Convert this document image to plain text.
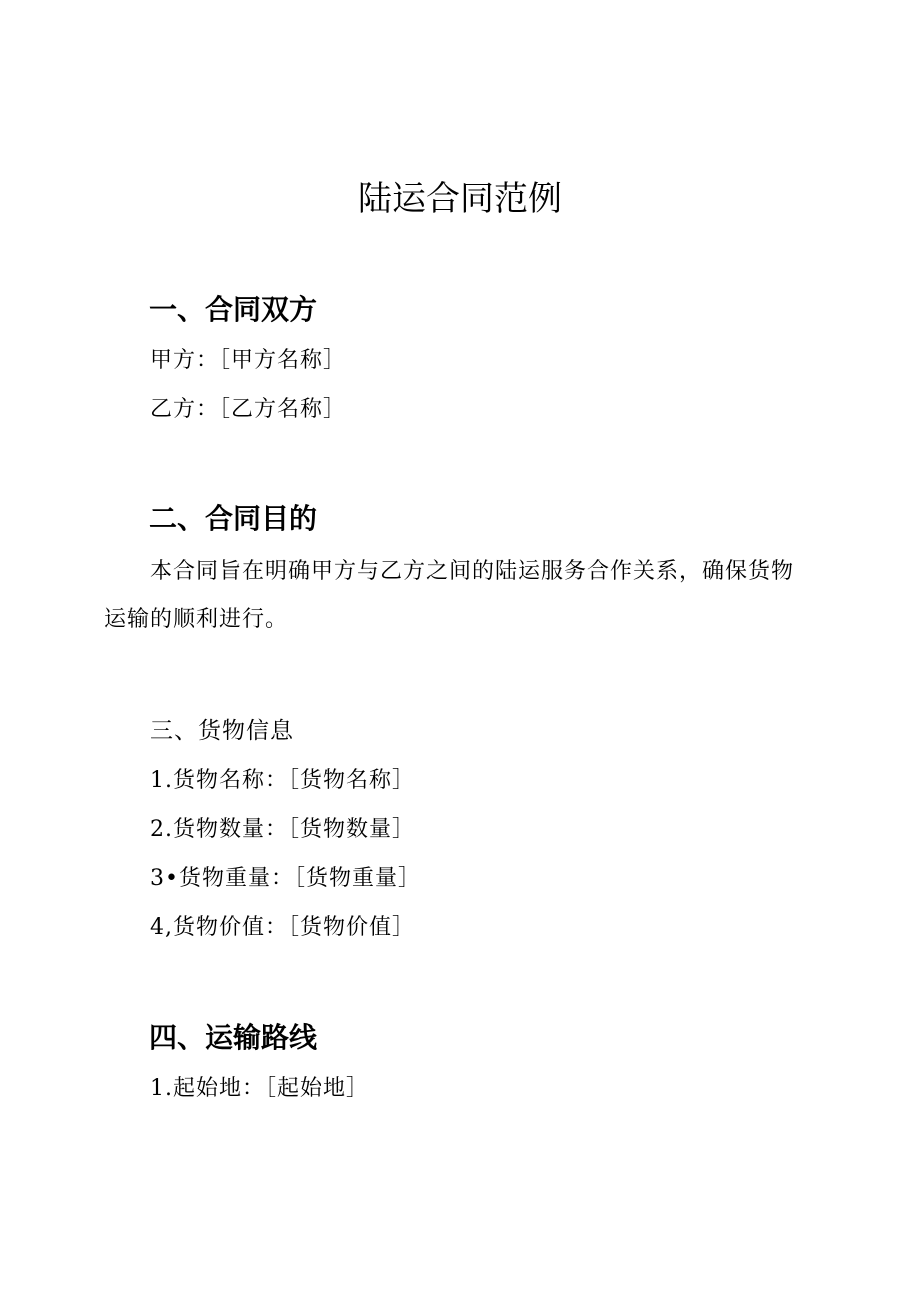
陆运合同范例
一、合同双方
甲方：［甲方名称］
乙方：［乙方名称］
二、合同目的
本合同旨在明确甲方与乙方之间的陆运服务合作关系，确保货物
运输的顺利进行。
三、货物信息
1.货物名称：［货物名称］
2.货物数量：［货物数量］
3•货物重量：［货物重量］
4,货物价值：［货物价值］
四、运输路线
1.起始地：［起始地］
